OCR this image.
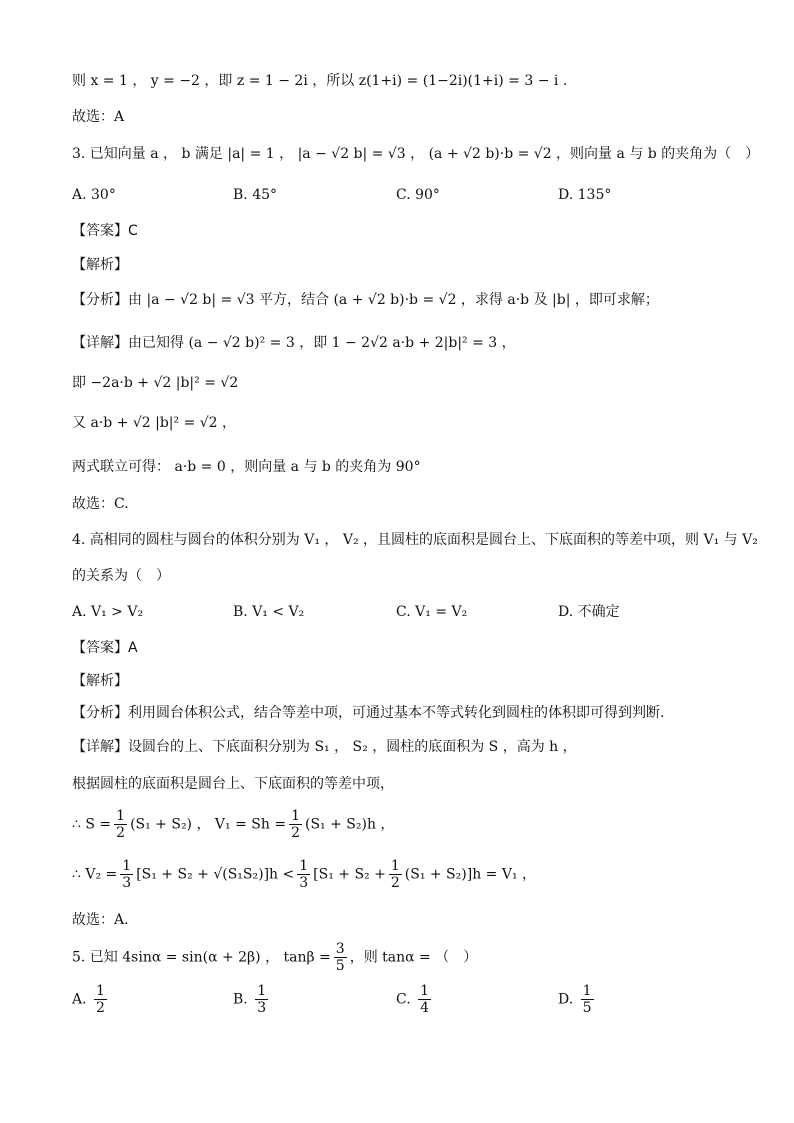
则 x = 1 ， y = −2 ，即 z = 1 − 2i ，所以 z(1+i) = (1−2i)(1+i) = 3 − i .
故选：A
3. 已知向量 a ， b 满足 |a| = 1 ， |a − √2 b| = √3 ， (a + √2 b)·b = √2 ，则向量 a 与 b 的夹角为（　）
A. 30°	B. 45°	C. 90°	D. 135°
【答案】C
【解析】
【分析】由 |a − √2 b| = √3 平方，结合 (a + √2 b)·b = √2 ，求得 a·b 及 |b| ，即可求解；
【详解】由已知得 (a − √2 b)² = 3 ，即 1 − 2√2 a·b + 2|b|² = 3 ，
即 −2a·b + √2 |b|² = √2
又 a·b + √2 |b|² = √2 ，
两式联立可得： a·b = 0 ，则向量 a 与 b 的夹角为 90°
故选：C.
4. 高相同的圆柱与圆台的体积分别为 V₁ ， V₂ ，且圆柱的底面积是圆台上、下底面积的等差中项，则 V₁ 与 V₂
的关系为（　）
A. V₁ > V₂	B. V₁ < V₂	C. V₁ = V₂	D. 不确定
【答案】A
【解析】
【分析】利用圆台体积公式，结合等差中项，可通过基本不等式转化到圆柱的体积即可得到判断.
【详解】设圆台的上、下底面积分别为 S₁ ， S₂ ，圆柱的底面积为 S ，高为 h ，
根据圆柱的底面积是圆台上、下底面积的等差中项，
∴ $S = \frac{1}{2} (S_1 + S_2)$ ， $V_1 = Sh = \frac{1}{2} (S_1 + S_2)h$ ，
∴ $V_2 = \frac{1}{3} [S_1 + S_2 + √(S_1S_2)]h < \frac{1}{3} [S_1 + S_2 + \frac{1}{2} (S_1 + S_2)]h = V_1$ ，
故选：A.
5. 已知 4sinα = sin(α + 2β) ， $\tan\beta = \frac{3}{5}$ ，则 tanα = （　）
A. $\frac{1}{2}$	B. $\frac{1}{3}$	C. $\frac{1}{4}$	D. $\frac{1}{5}$
